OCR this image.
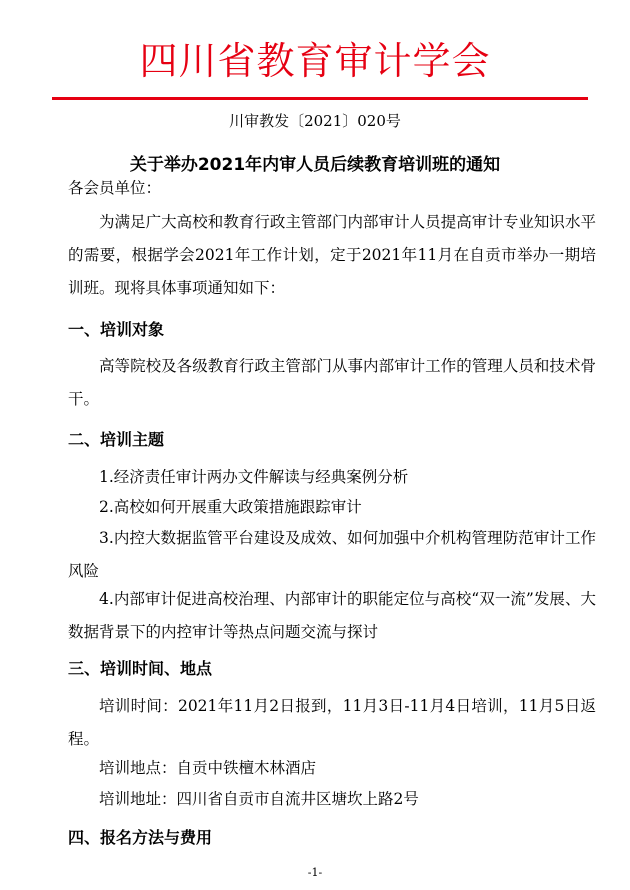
四川省教育审计学会
川审教发〔2021〕020号
关于举办2021年内审人员后续教育培训班的通知
各会员单位：
为满足广大高校和教育行政主管部门内部审计人员提高审计专业知识水平的需要，根据学会2021年工作计划，定于2021年11月在自贡市举办一期培训班。现将具体事项通知如下：
一、培训对象
高等院校及各级教育行政主管部门从事内部审计工作的管理人员和技术骨干。
二、培训主题
1.经济责任审计两办文件解读与经典案例分析
2.高校如何开展重大政策措施跟踪审计
3.内控大数据监管平台建设及成效、如何加强中介机构管理防范审计工作风险
4.内部审计促进高校治理、内部审计的职能定位与高校“双一流”发展、大数据背景下的内控审计等热点问题交流与探讨
三、培训时间、地点
培训时间：2021年11月2日报到，11月3日-11月4日培训，11月5日返程。
培训地点：自贡中铁檀木林酒店
培训地址：四川省自贡市自流井区塘坎上路2号
四、报名方法与费用
-1-
